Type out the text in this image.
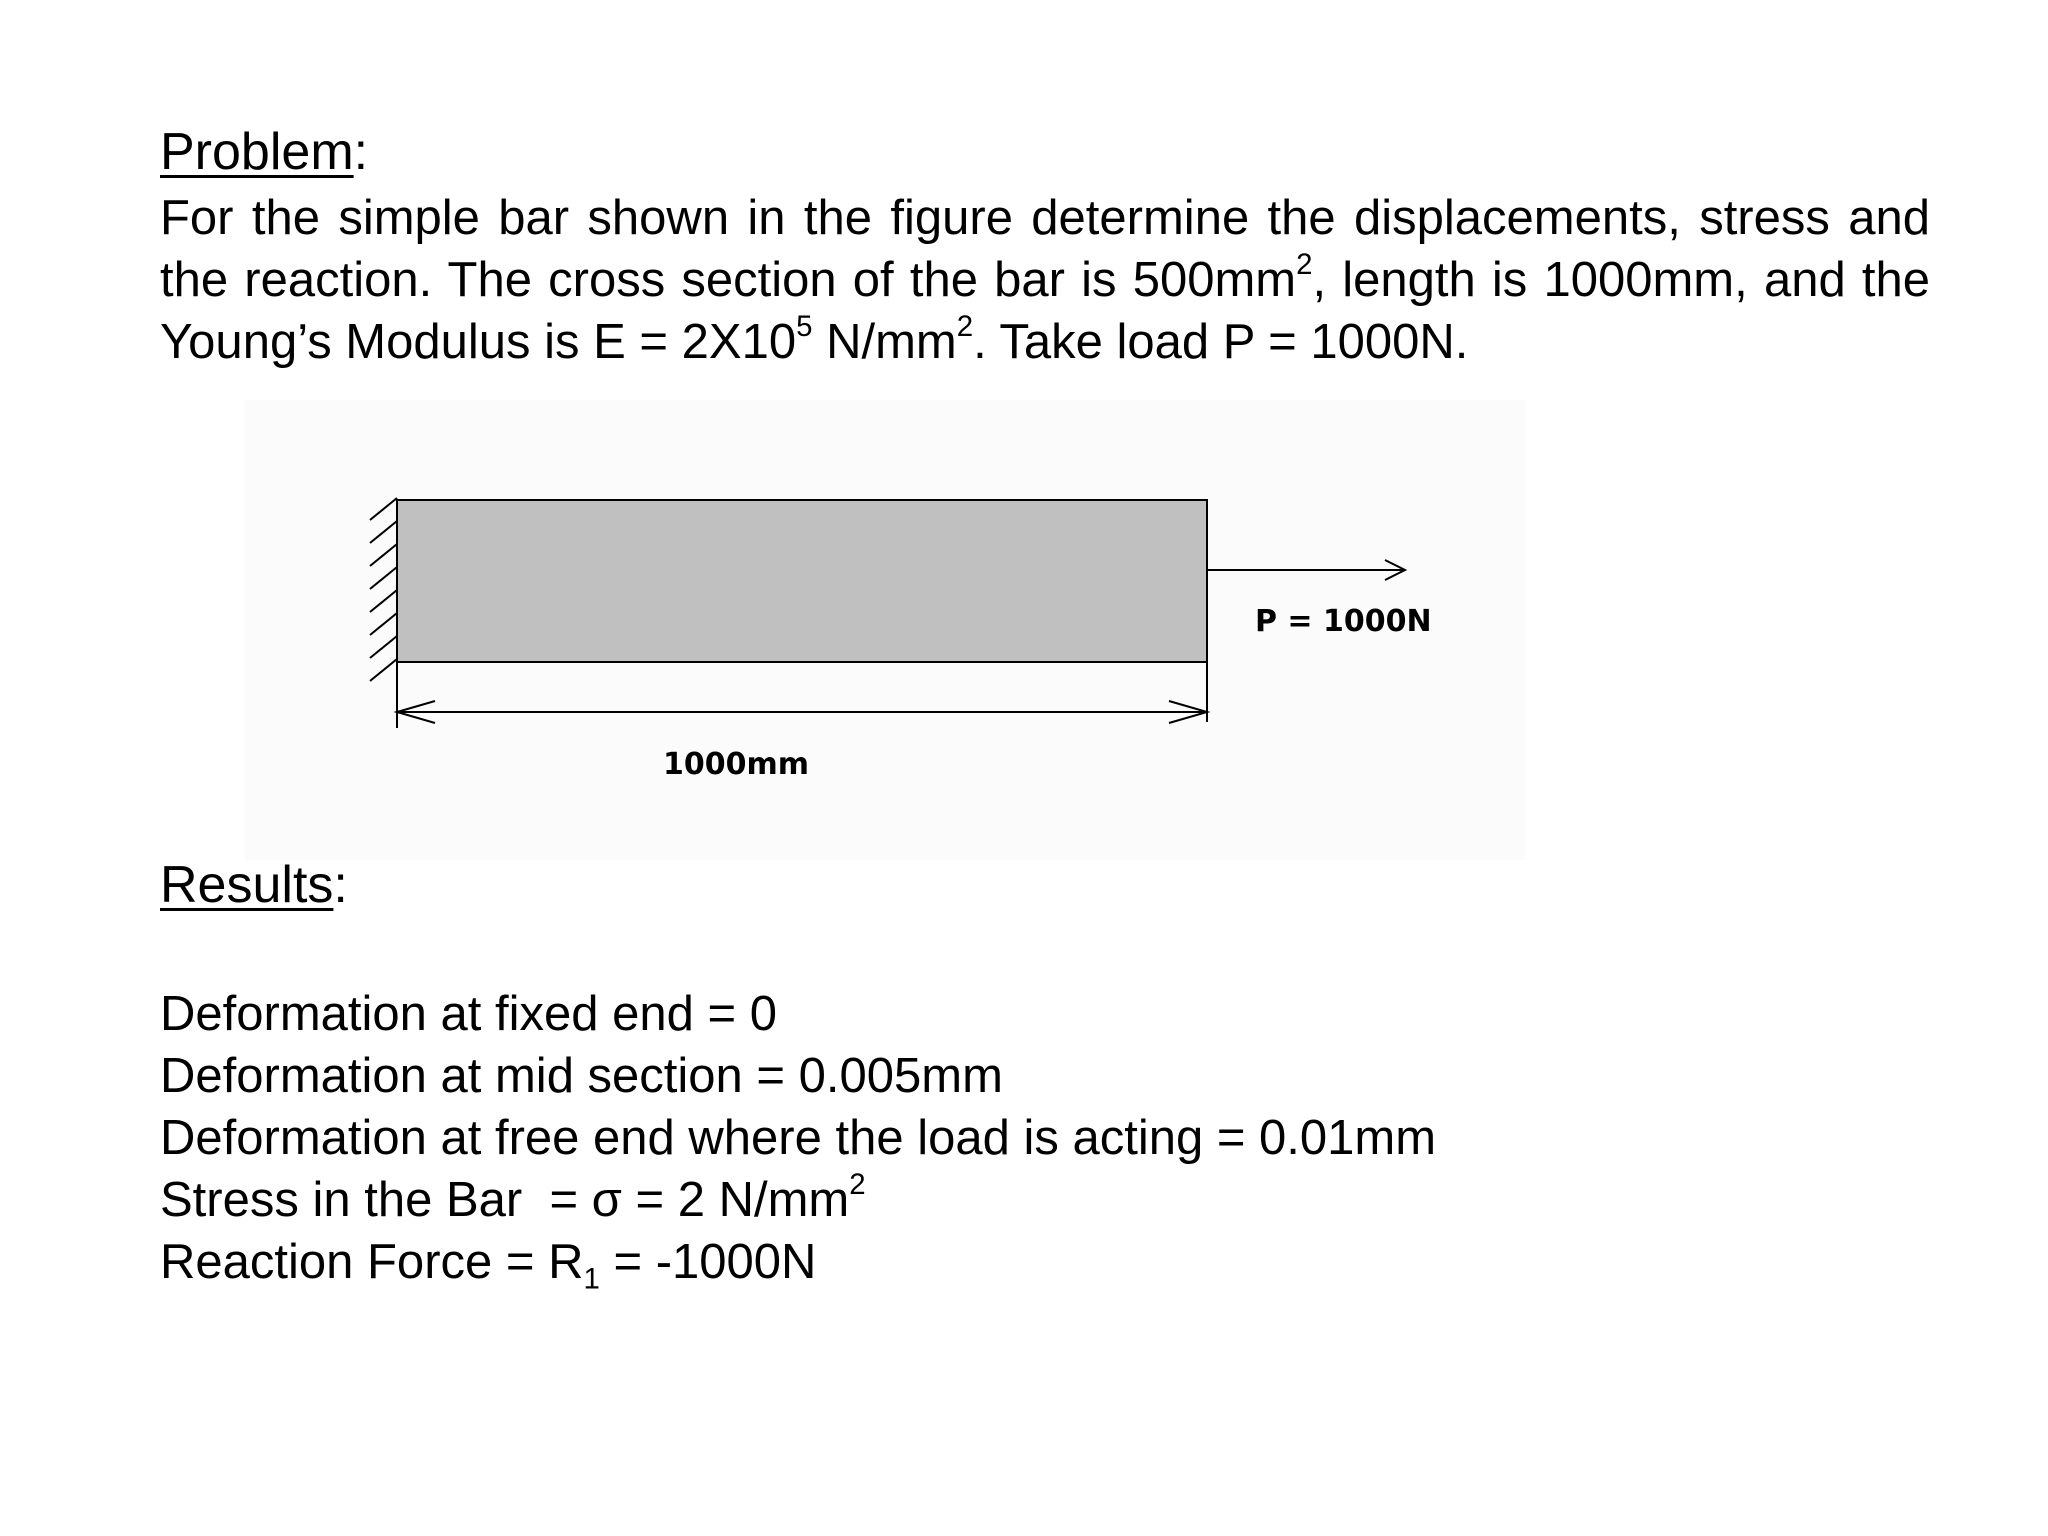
Problem:

For the simple bar shown in the figure determine the displacements, stress and the reaction. The cross section of the bar is $500mm^2$, length is 1000mm, and the Young’s Modulus is $E = 2X10^5$ $N/mm^2$. Take load P = 1000N.

P = 1000N
1000mm
Results:
Deformation at fixed end = 0
Deformation at mid section = 0.005mm
Deformation at free end where the load is acting = 0.01mm
Stress in the Bar  = σ = 2 $N/mm^2$
Reaction Force = $R_1 = -1000N$
